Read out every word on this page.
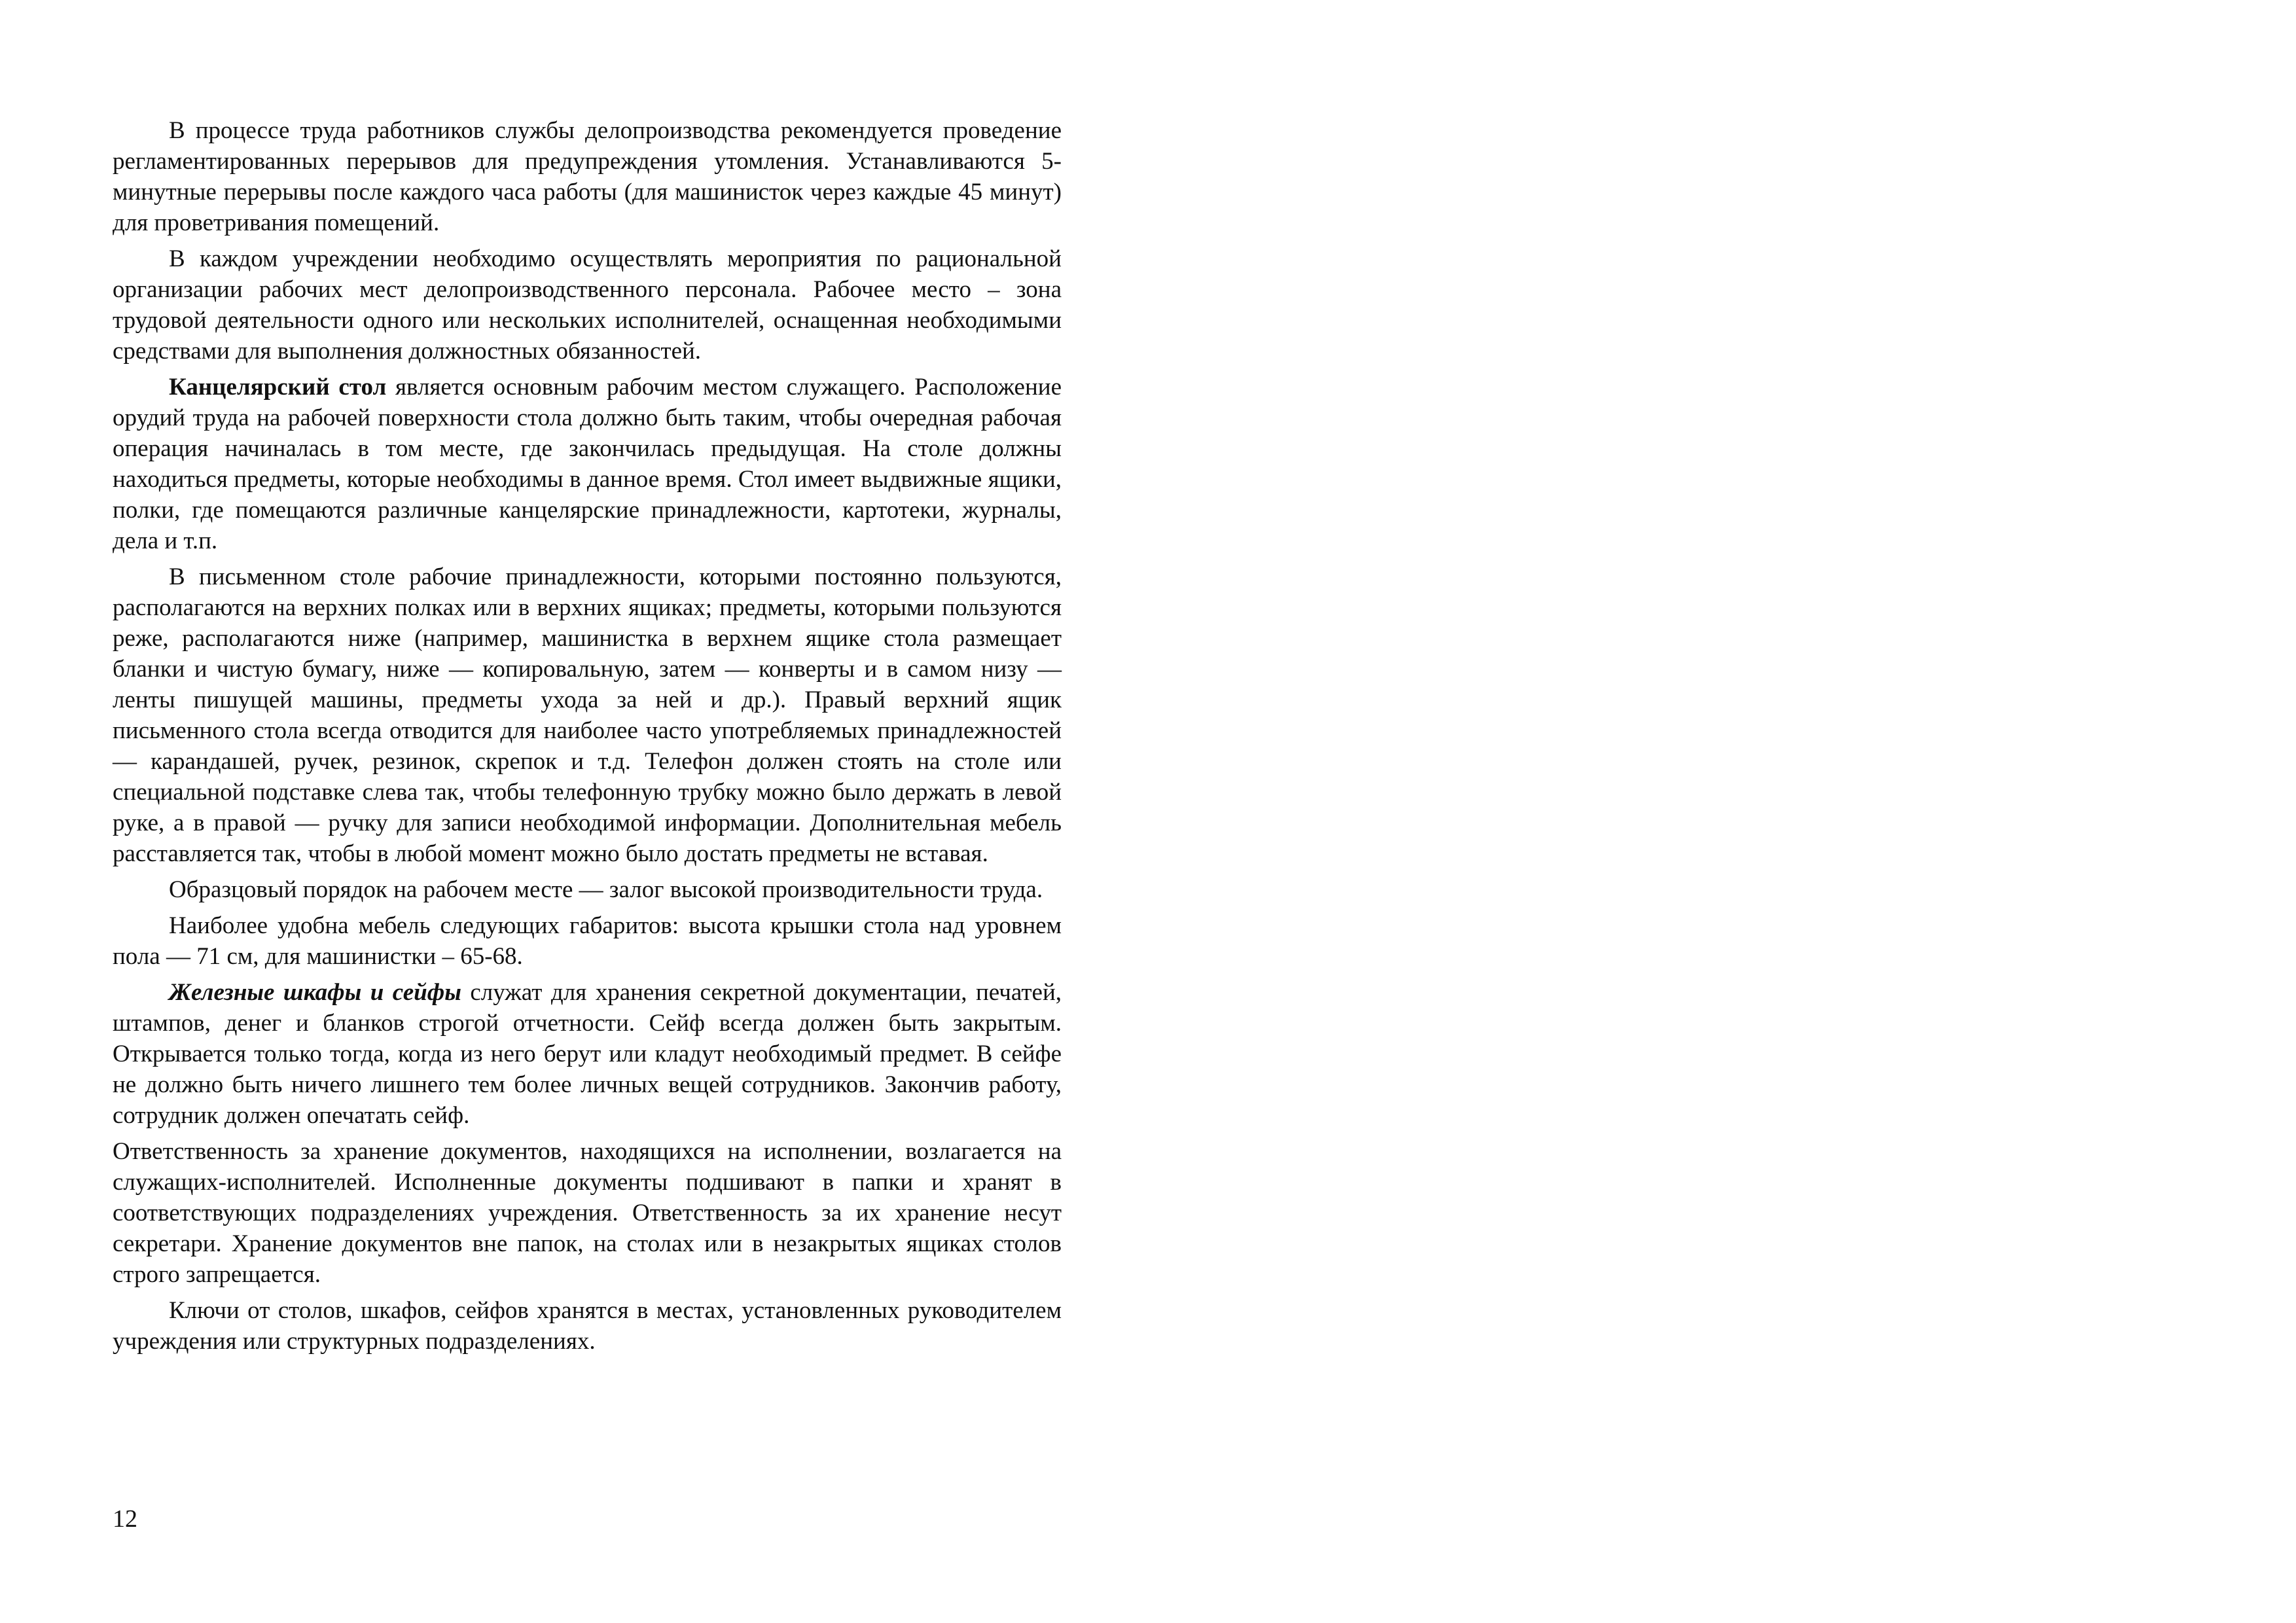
В процессе труда работников службы делопроизводства рекомендуется проведение регламентированных перерывов для предупреждения утомления. Устанавливаются 5-минутные перерывы после каждого часа работы (для машинисток через каждые 45 минут) для проветривания помещений.

В каждом учреждении необходимо осуществлять мероприятия по рациональной организации рабочих мест делопроизводственного персонала. Рабочее место – зона трудовой деятельности одного или нескольких исполнителей, оснащенная необходимыми средствами для выполнения должностных обязанностей.

Канцелярский стол является основным рабочим местом служащего. Расположение орудий труда на рабочей поверхности стола должно быть таким, чтобы очередная рабочая операция начиналась в том месте, где закончилась предыдущая. На столе должны находиться предметы, которые необходимы в данное время. Стол имеет выдвижные ящики, полки, где помещаются различные канцелярские принадлежности, картотеки, журналы, дела и т.п.

В письменном столе рабочие принадлежности, которыми постоянно пользуются, располагаются на верхних полках или в верхних ящиках; предметы, которыми пользуются реже, располагаются ниже (например, машинистка в верхнем ящике стола размещает бланки и чистую бумагу, ниже — копировальную, затем — конверты и в самом низу — ленты пишущей машины, предметы ухода за ней и др.). Правый верхний ящик письменного стола всегда отводится для наиболее часто употребляемых принадлежностей — карандашей, ручек, резинок, скрепок и т.д. Телефон должен стоять на столе или специальной подставке слева так, чтобы телефонную трубку можно было держать в левой руке, а в правой — ручку для записи необходимой информации. Дополнительная мебель расставляется так, чтобы в любой момент можно было достать предметы не вставая.

Образцовый порядок на рабочем месте — залог высокой производительности труда.

Наиболее удобна мебель следующих габаритов: высота крышки стола над уровнем пола — 71 см, для машинистки – 65-68.

Железные шкафы и сейфы служат для хранения секретной документации, печатей, штампов, денег и бланков строгой отчетности. Сейф всегда должен быть закрытым. Открывается только тогда, когда из него берут или кладут необходимый предмет. В сейфе не должно быть ничего лишнего тем более личных вещей сотрудников. Закончив работу, сотрудник должен опечатать сейф.

Ответственность за хранение документов, находящихся на исполнении, возлагается на служащих-исполнителей. Исполненные документы подшивают в папки и хранят в соответствующих подразделениях учреждения. Ответственность за их хранение несут секретари. Хранение документов вне папок, на столах или в незакрытых ящиках столов строго запрещается.

Ключи от столов, шкафов, сейфов хранятся в местах, установленных руководителем учреждения или структурных подразделениях.

12
